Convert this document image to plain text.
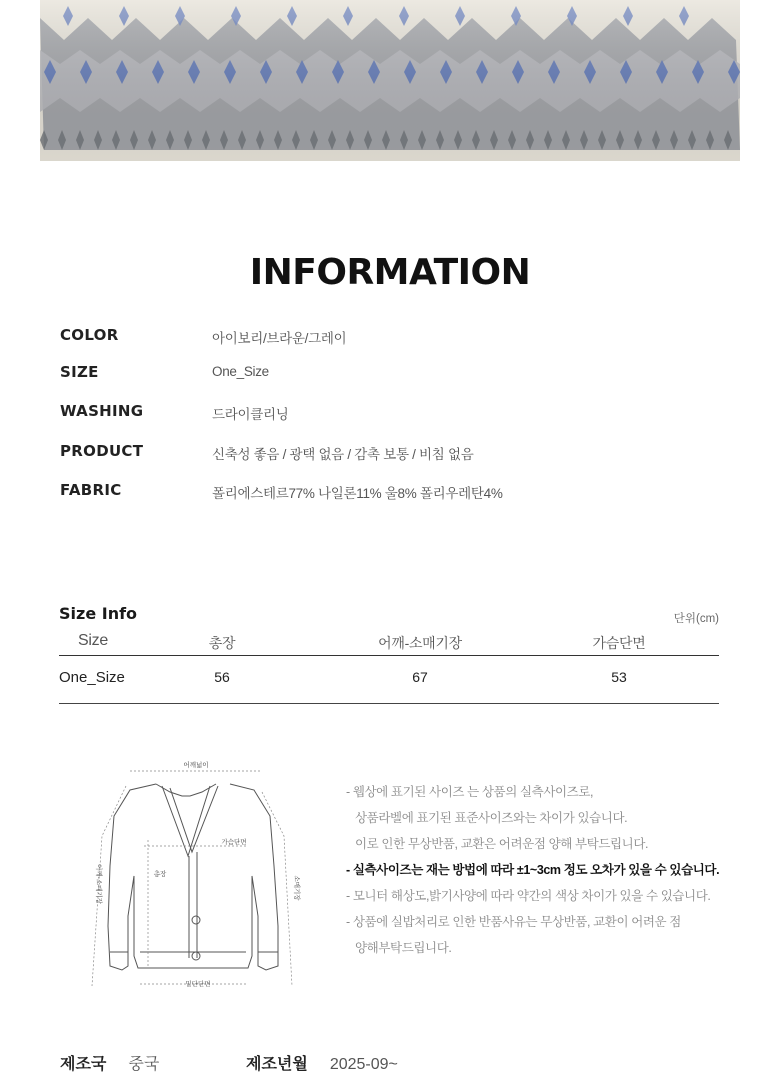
INFORMATION
COLOR	아이보리/브라운/그레이
SIZE	One_Size
WASHING	드라이클리닝
PRODUCT	신축성 좋음 / 광택 없음 / 감촉 보통 / 비침 없음
FABRIC	폴리에스테르77% 나일론11% 울8% 폴리우레탄4%
Size Info	단위(cm)
Size	총장	어깨-소매기장	가슴단면
One_Size	56	67	53
어깨넓이
가슴단면
총장
밑단단면
어깨-소매기장	소매기장
- 웹상에 표기된 사이즈 는 상품의 실측사이즈로,
상품라벨에 표기된 표준사이즈와는 차이가 있습니다.
이로 인한 무상반품, 교환은 어려운점 양해 부탁드립니다.
- 실측사이즈는 재는 방법에 따라 ±1~3cm 정도 오차가 있을 수 있습니다.
- 모니터 해상도,밝기사양에 따라 약간의 색상 차이가 있을 수 있습니다.
- 상품에 실밥처리로 인한 반품사유는 무상반품, 교환이 어려운 점
양해부탁드립니다.
제조국 중국	제조년월 2025-09~
